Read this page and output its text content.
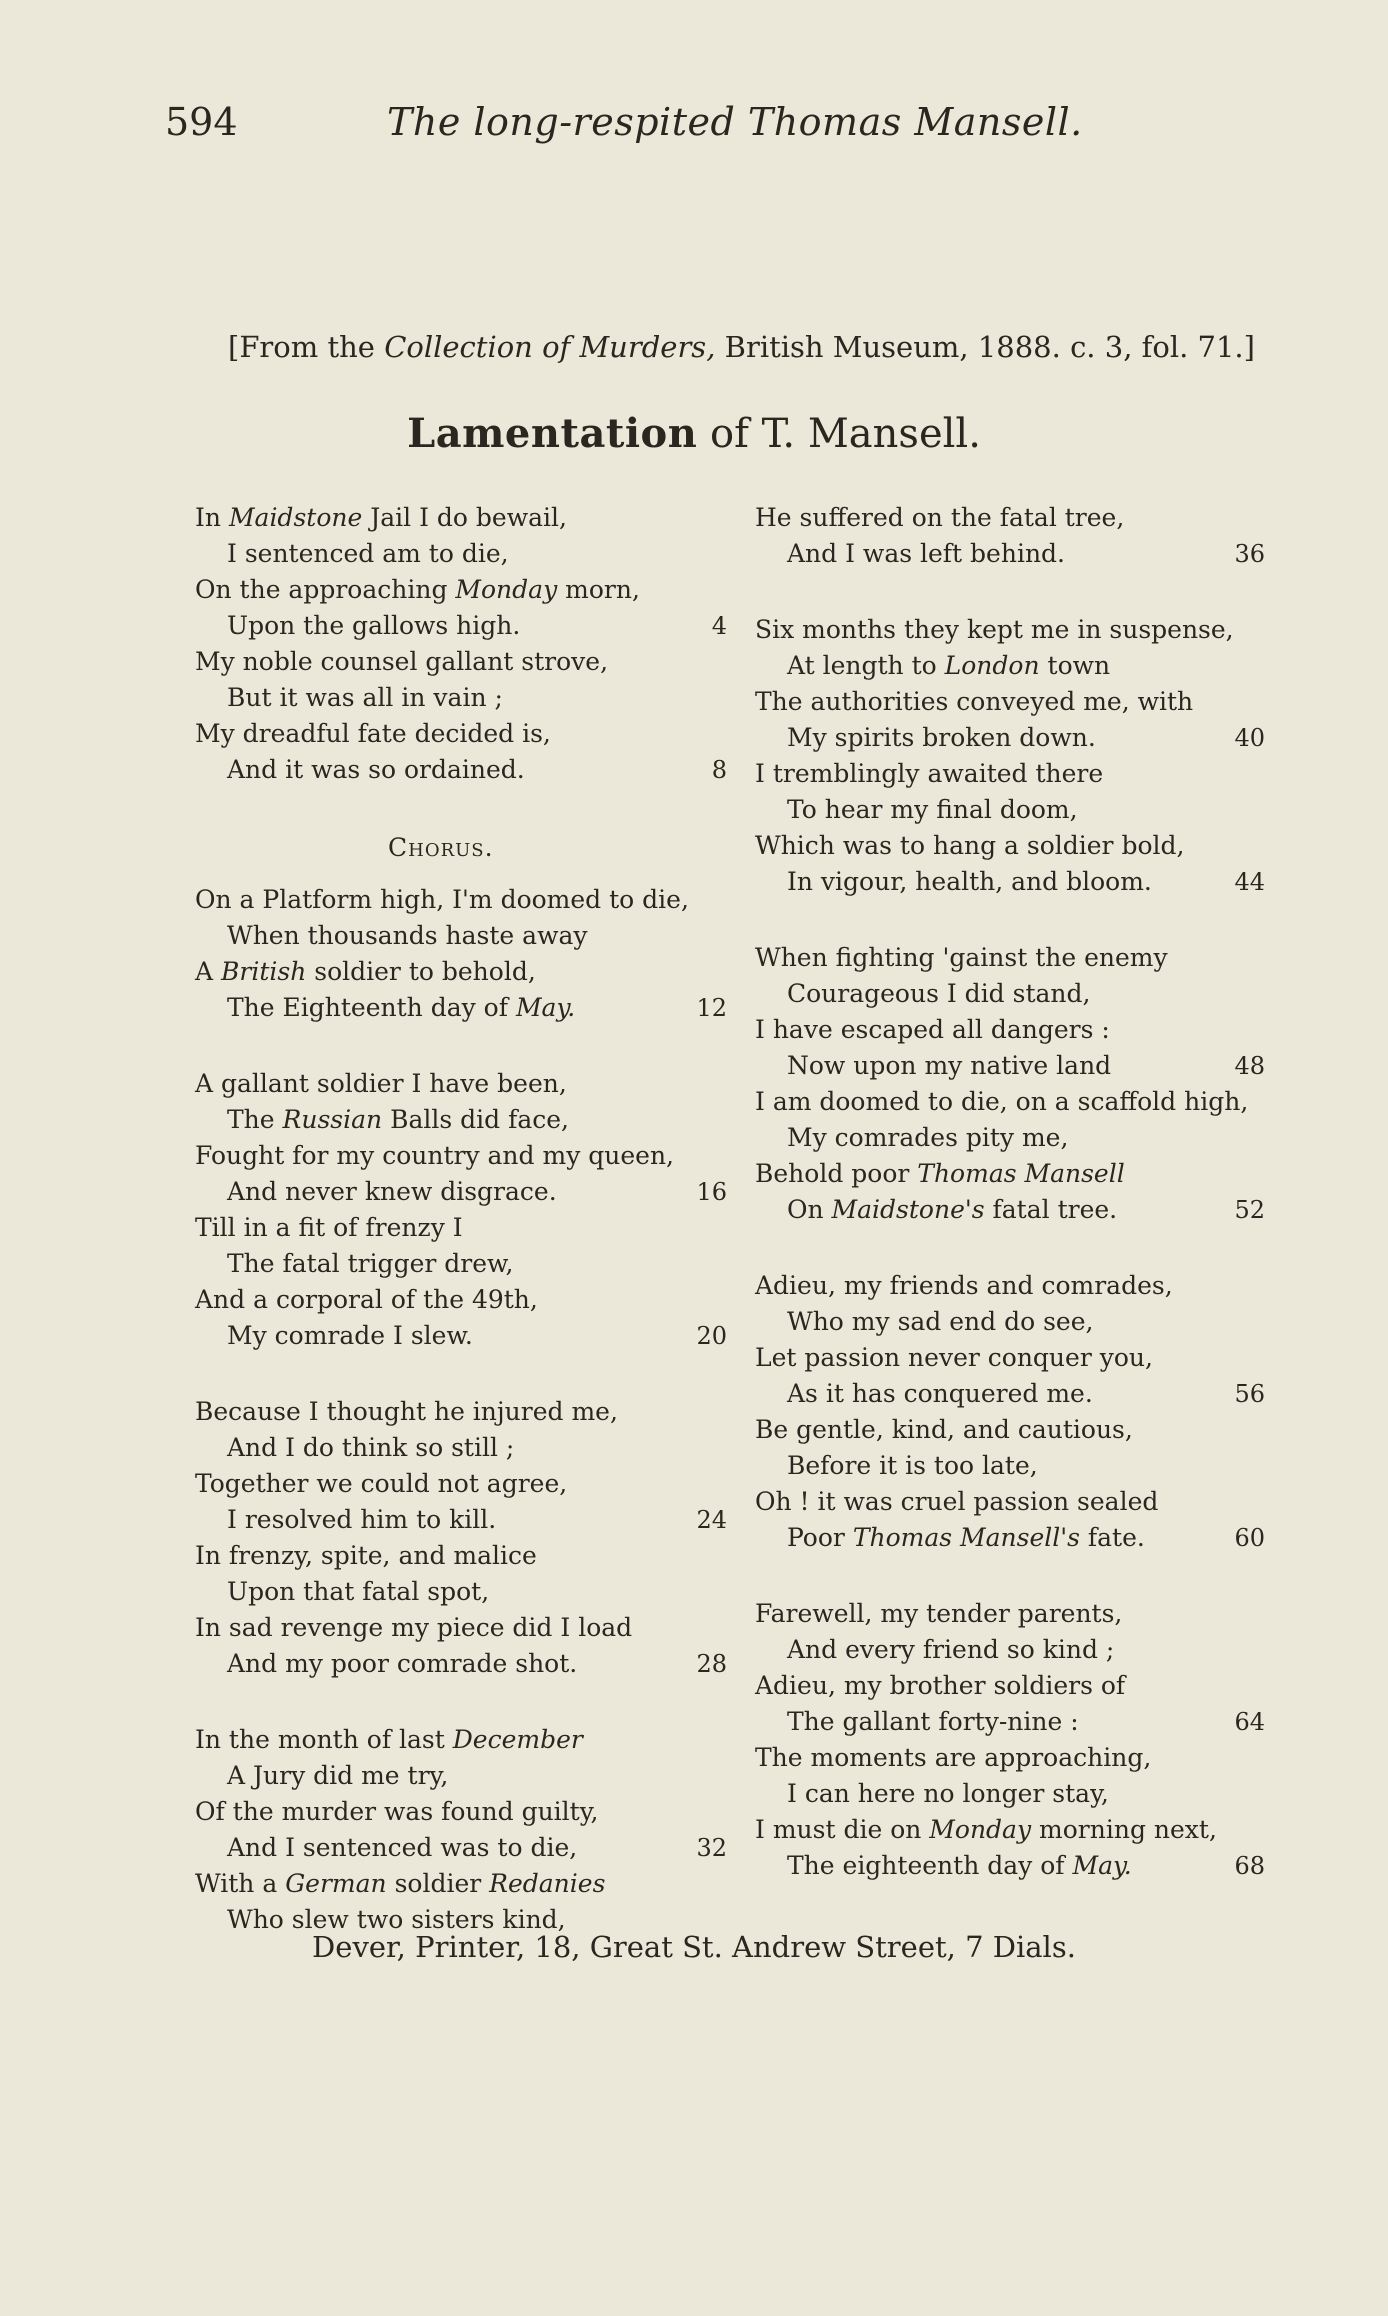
594	The long-respited Thomas Mansell.
[From the Collection of Murders, British Museum, 1888. c. 3, fol. 71.]
Lamentation of T. Mansell.
In Maidstone Jail I do bewail,
I sentenced am to die,
On the approaching Monday morn,
Upon the gallows high.	4
My noble counsel gallant strove,
But it was all in vain ;
My dreadful fate decided is,
And it was so ordained.	8
Chorus.
On a Platform high, I'm doomed to die,
When thousands haste away
A British soldier to behold,
The Eighteenth day of May.	12
A gallant soldier I have been,
The Russian Balls did face,
Fought for my country and my queen,
And never knew disgrace.	16
Till in a fit of frenzy I
The fatal trigger drew,
And a corporal of the 49th,
My comrade I slew.	20
Because I thought he injured me,
And I do think so still ;
Together we could not agree,
I resolved him to kill.	24
In frenzy, spite, and malice
Upon that fatal spot,
In sad revenge my piece did I load
And my poor comrade shot.	28
In the month of last December
A Jury did me try,
Of the murder was found guilty,
And I sentenced was to die,	32
With a German soldier Redanies
Who slew two sisters kind,
He suffered on the fatal tree,
And I was left behind.	36
Six months they kept me in suspense,
At length to London town
The authorities conveyed me, with
My spirits broken down.	40
I tremblingly awaited there
To hear my final doom,
Which was to hang a soldier bold,
In vigour, health, and bloom.	44
When fighting 'gainst the enemy
Courageous I did stand,
I have escaped all dangers :
Now upon my native land	48
I am doomed to die, on a scaffold high,
My comrades pity me,
Behold poor Thomas Mansell
On Maidstone's fatal tree.	52
Adieu, my friends and comrades,
Who my sad end do see,
Let passion never conquer you,
As it has conquered me.	56
Be gentle, kind, and cautious,
Before it is too late,
Oh ! it was cruel passion sealed
Poor Thomas Mansell's fate.	60
Farewell, my tender parents,
And every friend so kind ;
Adieu, my brother soldiers of
The gallant forty-nine :	64
The moments are approaching,
I can here no longer stay,
I must die on Monday morning next,
The eighteenth day of May.	68
Dever, Printer, 18, Great St. Andrew Street, 7 Dials.
